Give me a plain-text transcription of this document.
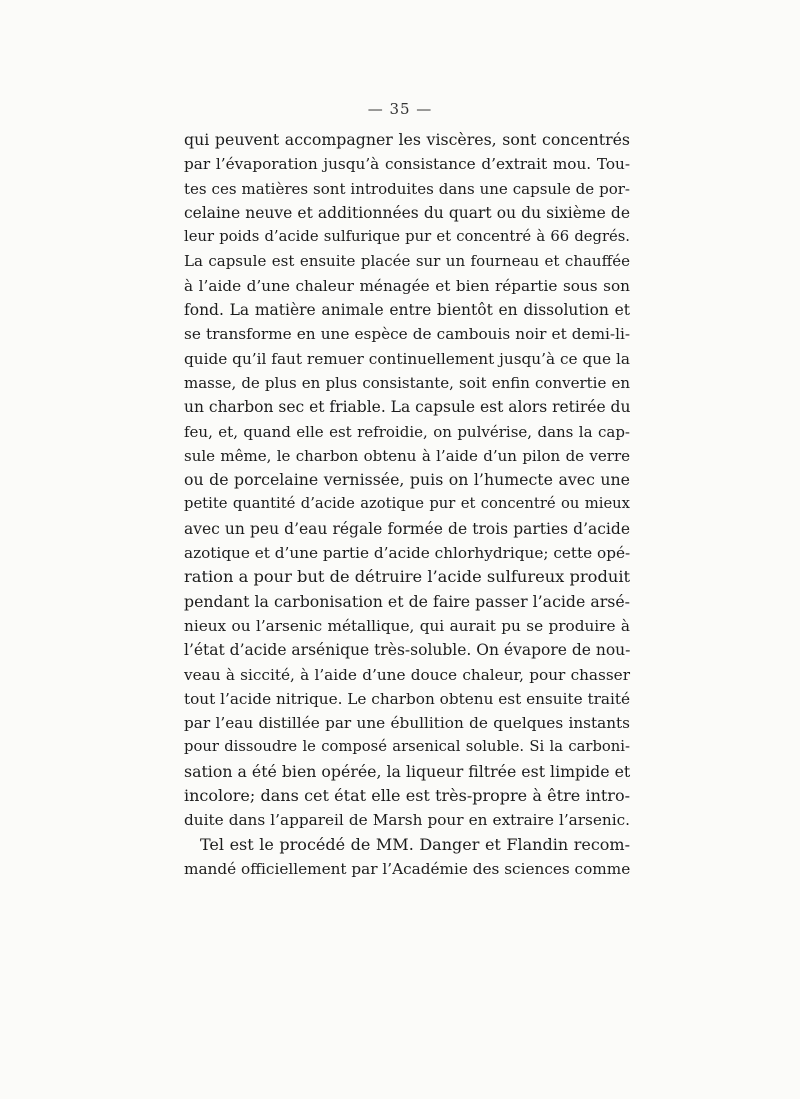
— 35 —
qui peuvent accompagner les viscères, sont concentrés
par l’évaporation jusqu’à consistance d’extrait mou. Tou-
tes ces matières sont introduites dans une capsule de por-
celaine neuve et additionnées du quart ou du sixième de
leur poids d’acide sulfurique pur et concentré à 66 degrés.
La capsule est ensuite placée sur un fourneau et chauffée
à l’aide d’une chaleur ménagée et bien répartie sous son
fond. La matière animale entre bientôt en dissolution et
se transforme en une espèce de cambouis noir et demi-li-
quide qu’il faut remuer continuellement jusqu’à ce que la
masse, de plus en plus consistante, soit enfin convertie en
un charbon sec et friable. La capsule est alors retirée du
feu, et, quand elle est refroidie, on pulvérise, dans la cap-
sule même, le charbon obtenu à l’aide d’un pilon de verre
ou de porcelaine vernissée, puis on l’humecte avec une
petite quantité d’acide azotique pur et concentré ou mieux
avec un peu d’eau régale formée de trois parties d’acide
azotique et d’une partie d’acide chlorhydrique; cette opé-
ration a pour but de détruire l’acide sulfureux produit
pendant la carbonisation et de faire passer l’acide arsé-
nieux ou l’arsenic métallique, qui aurait pu se produire à
l’état d’acide arsénique très-soluble. On évapore de nou-
veau à siccité, à l’aide d’une douce chaleur, pour chasser
tout l’acide nitrique. Le charbon obtenu est ensuite traité
par l’eau distillée par une ébullition de quelques instants
pour dissoudre le composé arsenical soluble. Si la carboni-
sation a été bien opérée, la liqueur filtrée est limpide et
incolore; dans cet état elle est très-propre à être intro-
duite dans l’appareil de Marsh pour en extraire l’arsenic.
Tel est le procédé de MM. Danger et Flandin recom-
mandé officiellement par l’Académie des sciences comme
